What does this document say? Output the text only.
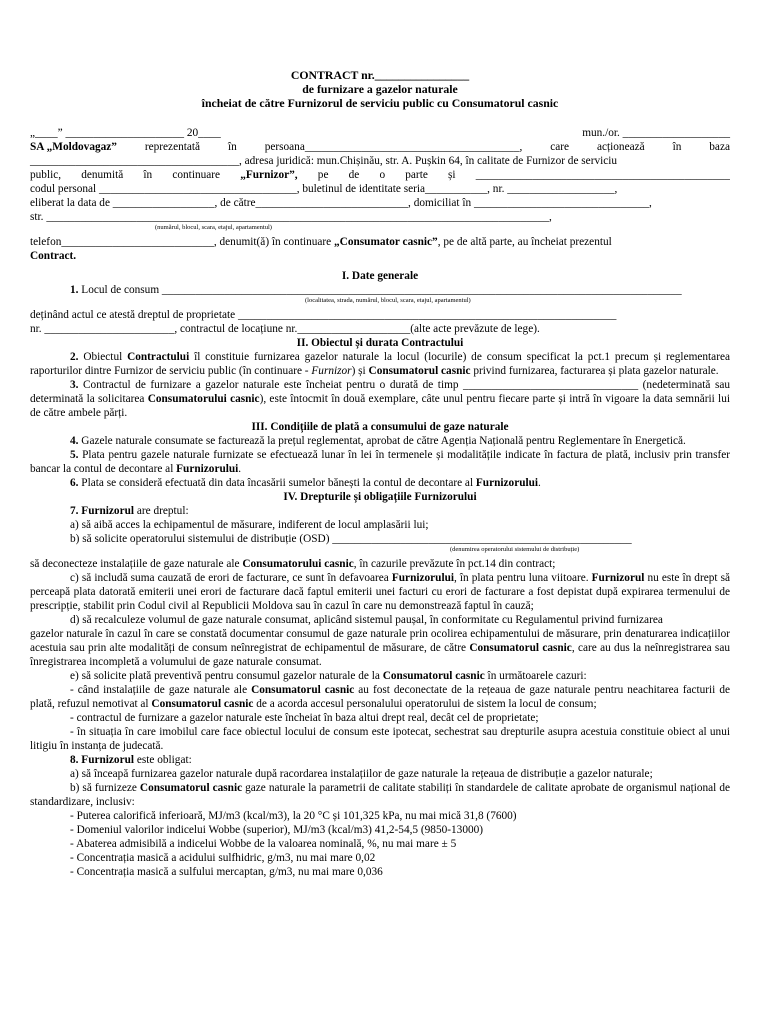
CONTRACT nr.________________

de furnizare a gazelor naturale

încheiat de către Furnizorul de serviciu public cu Consumatorul casnic

„____” _____________________ 20____	mun./or. ___________________
SA „Moldovagaz” reprezentată în persoana______________________________________, care acționează în baza

_____________________________________, adresa juridică: mun.Chișinău, str. A. Pușkin 64, în calitate de Furnizor de serviciu

public, denumită în continuare „Furnizor”, pe de o parte și _____________________________________________

codul personal ___________________________________, buletinul de identitate seria___________, nr. ___________________,

eliberat la data de __________________, de către___________________________, domiciliat în _______________________________,

str. _________________________________________________________________________________________,

(numărul, blocul, scara, etajul, apartamentul)

telefon___________________________, denumit(ă) în continuare „Consumator casnic”, pe de altă parte, au încheiat prezentul

Contract.

I. Date generale

1. Locul de consum ____________________________________________________________________________________________

(localitatea, strada, numărul, blocul, scara, etajul, apartamentul)

deținând actul ce atestă dreptul de proprietate ___________________________________________________________________

nr. _______________________, contractul de locațiune nr.____________________(alte acte prevăzute de lege).

II. Obiectul și durata Contractului

2. Obiectul Contractului îl constituie furnizarea gazelor naturale la locul (locurile) de consum specificat la pct.1 precum și reglementarea raporturilor dintre Furnizor de serviciu public (în continuare - Furnizor) și Consumatorul casnic privind furnizarea, facturarea și plata gazelor naturale.

3. Contractul de furnizare a gazelor naturale este încheiat pentru o durată de timp _______________________________ (nedeterminată sau determinată la solicitarea Consumatorului casnic), este întocmit în două exemplare, câte unul pentru fiecare parte și intră în vigoare la data semnării lui de către ambele părți.

III. Condițiile de plată a consumului de gaze naturale

4. Gazele naturale consumate se facturează la prețul reglementat, aprobat de către Agenția Națională pentru Reglementare în Energetică.

5. Plata pentru gazele naturale furnizate se efectuează lunar în lei în termenele și modalitățile indicate în factura de plată, inclusiv prin transfer bancar la contul de decontare al Furnizorului.

6. Plata se consideră efectuată din data încasării sumelor bănești la contul de decontare al Furnizorului.

IV. Drepturile și obligațiile Furnizorului

7. Furnizorul are dreptul:

a) să aibă acces la echipamentul de măsurare, indiferent de locul amplasării lui;

b) să solicite operatorului sistemului de distribuție (OSD) _____________________________________________________

(denumirea operatorului sistemului de distribuție)

să deconecteze instalațiile de gaze naturale ale Consumatorului casnic, în cazurile prevăzute în pct.14 din contract;

c) să includă suma cauzată de erori de facturare, ce sunt în defavoarea Furnizorului, în plata pentru luna viitoare. Furnizorul nu este în drept să perceapă plata datorată emiterii unei erori de facturare dacă faptul emiterii unei facturi cu erori de facturare a fost depistat după expirarea termenului de prescripție, stabilit prin Codul civil al Republicii Moldova sau în cazul în care nu demonstrează faptul în cauză;

d) să recalculeze volumul de gaze naturale consumat, aplicând sistemul paușal, în conformitate cu Regulamentul privind furnizarea

gazelor naturale în cazul în care se constată documentar consumul de gaze naturale prin ocolirea echipamentului de măsurare, prin denaturarea indicațiilor acestuia sau prin alte modalități de consum neînregistrat de echipamentul de măsurare, de către Consumatorul casnic, care au dus la neînregistrarea sau înregistrarea incompletă a volumului de gaze naturale consumat.

e) să solicite plată preventivă pentru consumul gazelor naturale de la Consumatorul casnic în următoarele cazuri:

- când instalațiile de gaze naturale ale Consumatorul casnic au fost deconectate de la rețeaua de gaze naturale pentru neachitarea facturii de plată, refuzul nemotivat al Consumatorul casnic de a acorda accesul personalului operatorului de sistem la locul de consum;

- contractul de furnizare a gazelor naturale este încheiat în baza altui drept real, decât cel de proprietate;

- în situația în care imobilul care face obiectul locului de consum este ipotecat, sechestrat sau drepturile asupra acestuia constituie obiect al unui litigiu în instanța de judecată.

8. Furnizorul este obligat:

a) să înceapă furnizarea gazelor naturale după racordarea instalațiilor de gaze naturale la rețeaua de distribuție a gazelor naturale;

b) să furnizeze Consumatorul casnic gaze naturale la parametrii de calitate stabiliți în standardele de calitate aprobate de organismul național de standardizare, inclusiv:

- Puterea calorifică inferioară, MJ/m3 (kcal/m3), la 20 °C și 101,325 kPa, nu mai mică 31,8 (7600)

- Domeniul valorilor indicelui Wobbe (superior), MJ/m3 (kcal/m3) 41,2-54,5 (9850-13000)

- Abaterea admisibilă a indicelui Wobbe de la valoarea nominală, %, nu mai mare ± 5

- Concentrația masică a acidului sulfhidric, g/m3, nu mai mare 0,02

- Concentrația masică a sulfului mercaptan, g/m3, nu mai mare 0,036
